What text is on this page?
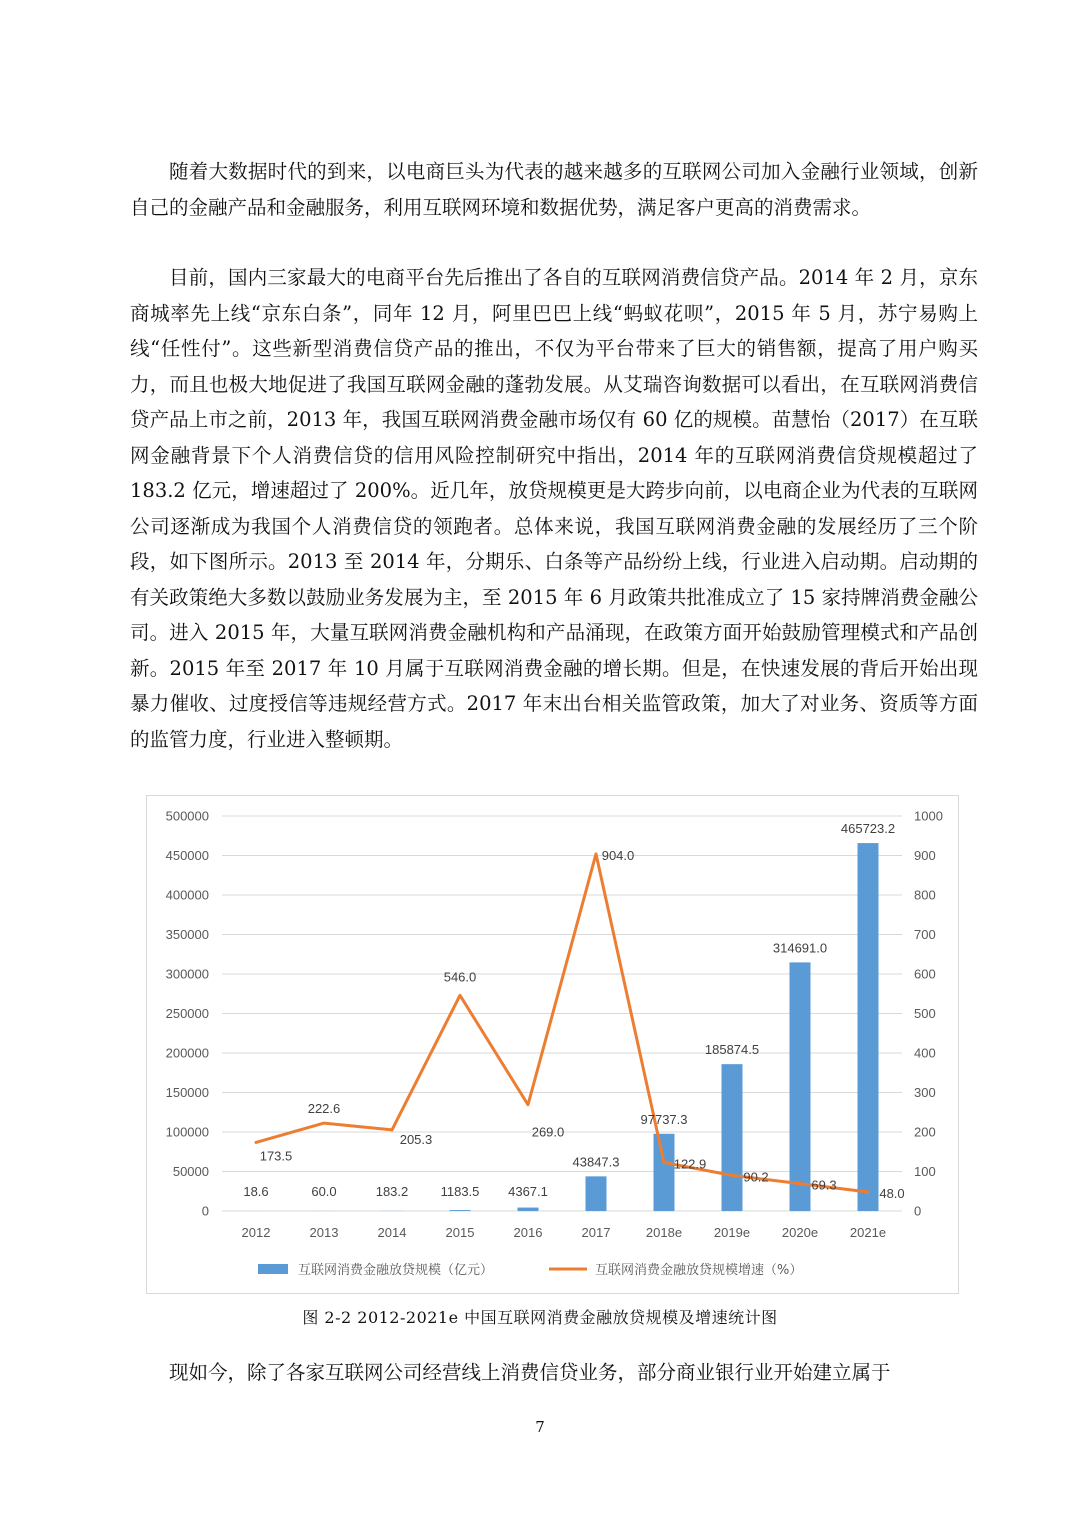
随着大数据时代的到来，以电商巨头为代表的越来越多的互联网公司加入金融行业领域，创新自己的金融产品和金融服务，利用互联网环境和数据优势，满足客户更高的消费需求。

目前，国内三家最大的电商平台先后推出了各自的互联网消费信贷产品。2014 年 2 月，京东商城率先上线“京东白条”，同年 12 月，阿里巴巴上线“蚂蚁花呗”，2015 年 5 月，苏宁易购上线“任性付”。这些新型消费信贷产品的推出，不仅为平台带来了巨大的销售额，提高了用户购买力，而且也极大地促进了我国互联网金融的蓬勃发展。从艾瑞咨询数据可以看出，在互联网消费信贷产品上市之前，2013 年，我国互联网消费金融市场仅有 60 亿的规模。苗慧怡（2017）在互联网金融背景下个人消费信贷的信用风险控制研究中指出，2014 年的互联网消费信贷规模超过了 183.2 亿元，增速超过了 200%。近几年，放贷规模更是大跨步向前，以电商企业为代表的互联网公司逐渐成为我国个人消费信贷的领跑者。总体来说，我国互联网消费金融的发展经历了三个阶段，如下图所示。2013 至 2014 年，分期乐、白条等产品纷纷上线，行业进入启动期。启动期的有关政策绝大多数以鼓励业务发展为主，至 2015 年 6 月政策共批准成立了 15 家持牌消费金融公司。进入 2015 年，大量互联网消费金融机构和产品涌现，在政策方面开始鼓励管理模式和产品创新。2015 年至 2017 年 10 月属于互联网消费金融的增长期。但是，在快速发展的背后开始出现暴力催收、过度授信等违规经营方式。2017 年末出台相关监管政策，加大了对业务、资质等方面的监管力度，行业进入整顿期。

18.6	60.0	183.2 1183.5 4367.1
43847.3
97737.3
185874.5
314691.0
465723.2
173.5
222.6
205.3
546.0
269.0
904.0
122.9
90.2
69.3
48.0
0
50000
100000
150000
200000
250000
300000
350000
400000
450000
500000
0
100
200
300
400
500
600
700
800
900
1000
2012	2013	2014	2015	2016	2017	2018e 2019e 2020e 2021e
互联网消费金融放贷规模（亿元）	互联网消费金融放贷规模增速（%）
图 2-2 2012-2021e 中国互联网消费金融放贷规模及增速统计图

现如今，除了各家互联网公司经营线上消费信贷业务，部分商业银行业开始建立属于

7
